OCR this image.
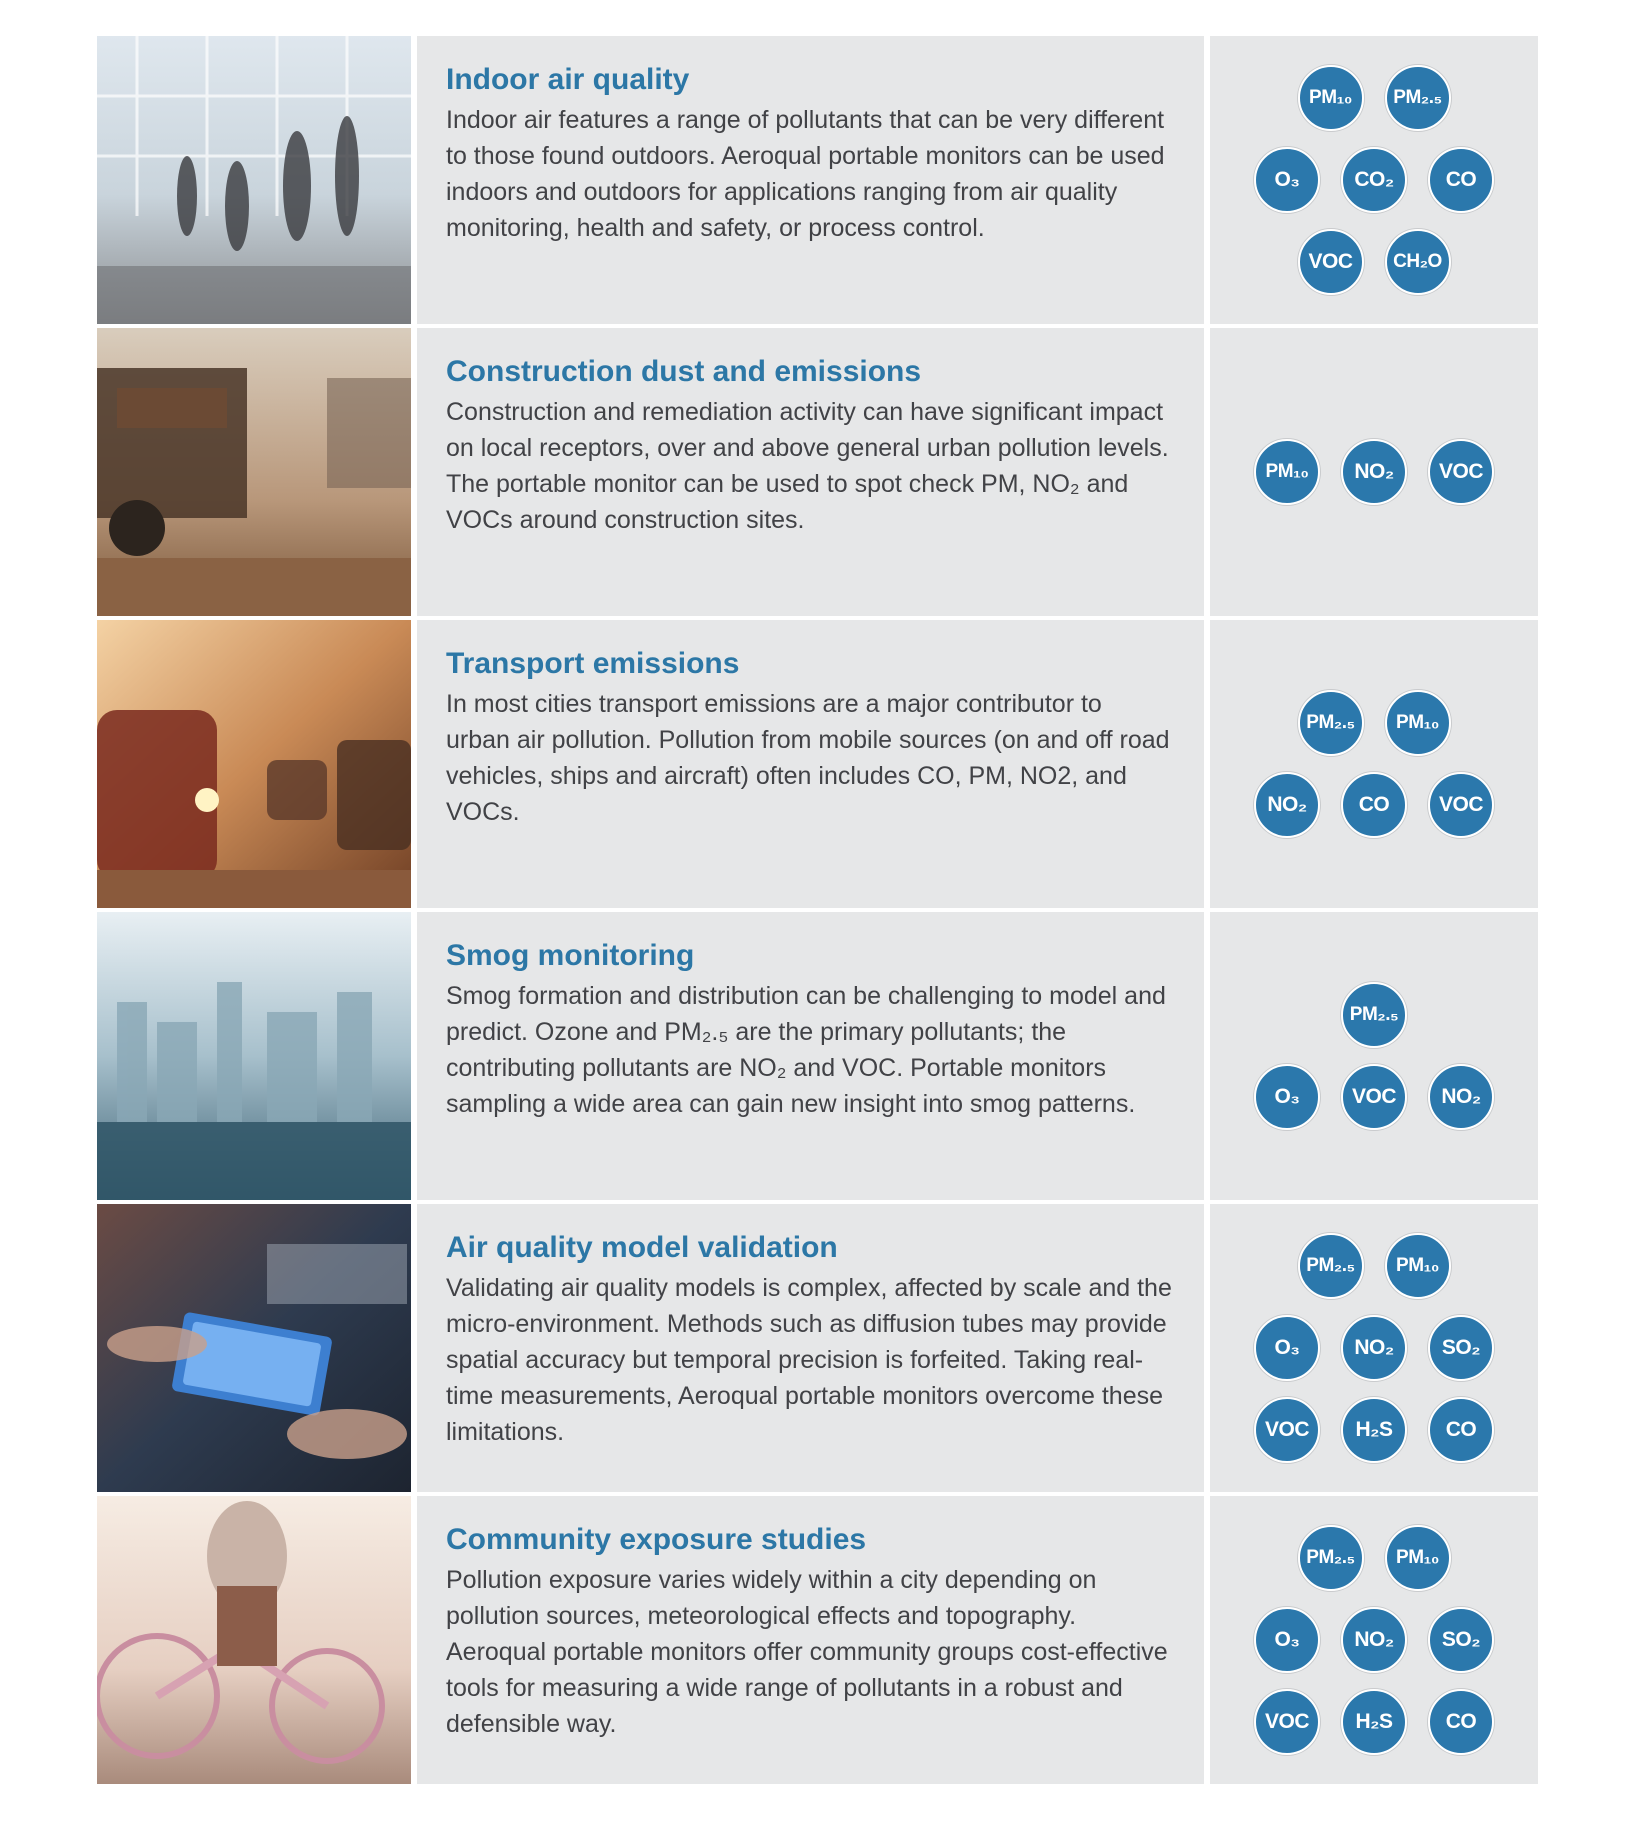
Indoor air quality

Indoor air features a range of pollutants that can be very different to those found outdoors. Aeroqual portable monitors can be used indoors and outdoors for applications ranging from air quality monitoring, health and safety, or process control.

PM₁₀	PM₂.₅
O₃	CO₂	CO
VOC	CH₂O
Construction dust and emissions

Construction and remediation activity can have significant impact on local receptors, over and above general urban pollution levels. The portable monitor can be used to spot check PM, NO₂ and VOCs around construction sites.

PM₁₀	NO₂	VOC
Transport emissions

In most cities transport emissions are a major contributor to urban air pollution. Pollution from mobile sources (on and off road vehicles, ships and aircraft) often includes CO, PM, NO2, and VOCs.

PM₂.₅	PM₁₀
NO₂	CO	VOC
Smog monitoring

Smog formation and distribution can be challenging to model and predict. Ozone and PM₂.₅ are the primary pollutants; the contributing pollutants are NO₂ and VOC. Portable monitors sampling a wide area can gain new insight into smog patterns.

PM₂.₅
O₃	VOC	NO₂
Air quality model validation

Validating air quality models is complex, affected by scale and the micro-environment. Methods such as diffusion tubes may provide spatial accuracy but temporal precision is forfeited. Taking real-time measurements, Aeroqual portable monitors overcome these limitations.

PM₂.₅	PM₁₀
O₃	NO₂	SO₂
VOC	H₂S	CO
Community exposure studies

Pollution exposure varies widely within a city depending on pollution sources, meteorological effects and topography. Aeroqual portable monitors offer community groups cost-effective tools for measuring a wide range of pollutants in a robust and defensible way.

PM₂.₅	PM₁₀
O₃	NO₂	SO₂
VOC	H₂S	CO
